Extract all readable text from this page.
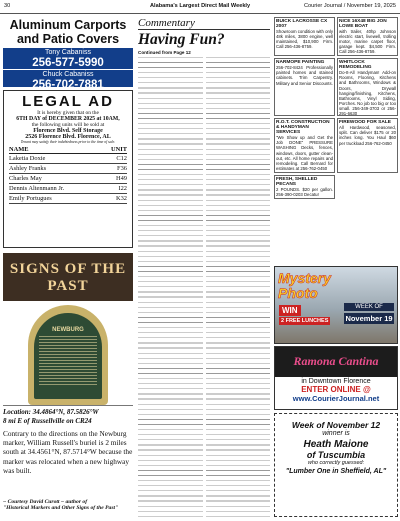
30	Alabama's Largest Direct Mail Weekly	Courier Journal / November 19, 2025
Aluminum Carports and Patio Covers
Tony Cabaniss
256-577-5990
Chuck Cabaniss
256-702-7881
LEGAL AD
It is hereby given that on the
6TH DAY of DECEMBER 2025 at 10AM,
the following units will be sold at
Florence Blvd. Self Storage
2526 Florence Blvd. Florence, AL
Tenant may satisfy their indebtedness prior to the time of sale.
NAME	UNIT
Laketia Doxie	C12
Ashley Franks	F36
Charles May	H49
Dennis Altenmann Jr.	I22
Emily Portugues	K32
SIGNS OF THE PAST
NEWBURG
Location: 34.4864°N, 87.5826°W
8 mi E of Russellville on CR24
Contrary to the directions on the Newburg marker, William Russell's buriel is 2 miles south at 34.4561°N, 87.5714°W because the marker was relocated when a new highway was built.
~ Courtesy David Curott ~ author of
"Historical Markers and Other Signs of the Past"
Commentary
Having Fun?
Continued from Page 12
BUICK LACROSSE CX 2007
Showroom condition with only 48k miles, 3800 engine, well maintained, $10,900 Firm. Call 256-436-8759.
NICE 16X48 BIG JON LOWE BOAT
with trailer, 40hp Johnson electric start, livewell, trolling motor, marine carpet floor, garage kept. $4,500 Firm. Call 256-436-8759.
NARMOPE PAINTING
256-702-8424 Professionally painted homes and stained cabinets. Trim Carpentry. Military and Senior Discounts.
WHITLOCK REMODELING
Do-It-All Handyman! Add-on Rooms, Flooring, Kitchens and Bathrooms, Windows & Doors, Drywall hanging/finishing, Kitchens, Bathrooms, Vinyl Siding, Porches. No job too big or too small. 256-349-3703 or 256-291-6630
R.O.T. CONSTRUCTION & HANDYMAN SERVICES
"We Show up and Get the Job DONE" PRESSURE WASHING Decks, fences, windows, doors, gutter clean-out, etc. All home repairs and remodeling. Call Bernard for estimates at 256-762-0450
FIREWOOD FOR SALE
All Hardwood, seasoned, split. Can deliver $175 or 20 inches long. You Haul $60 per truckload 256-762-0450
FRESH, SHELLED PECANS
2 POUNDS. $20 per gallon. 256-390-0203 Decatur
Mystery Photo
WIN
2 FREE LUNCHES
WEEK OF
November 19
Ramona Cantina
in Downtown Florence
ENTER ONLINE @
www.CourierJournal.net
Week of November 12
winner is
Heath Maione
of Tuscumbia
who correctly guessed:
"Lumber One in Sheffield, AL"
